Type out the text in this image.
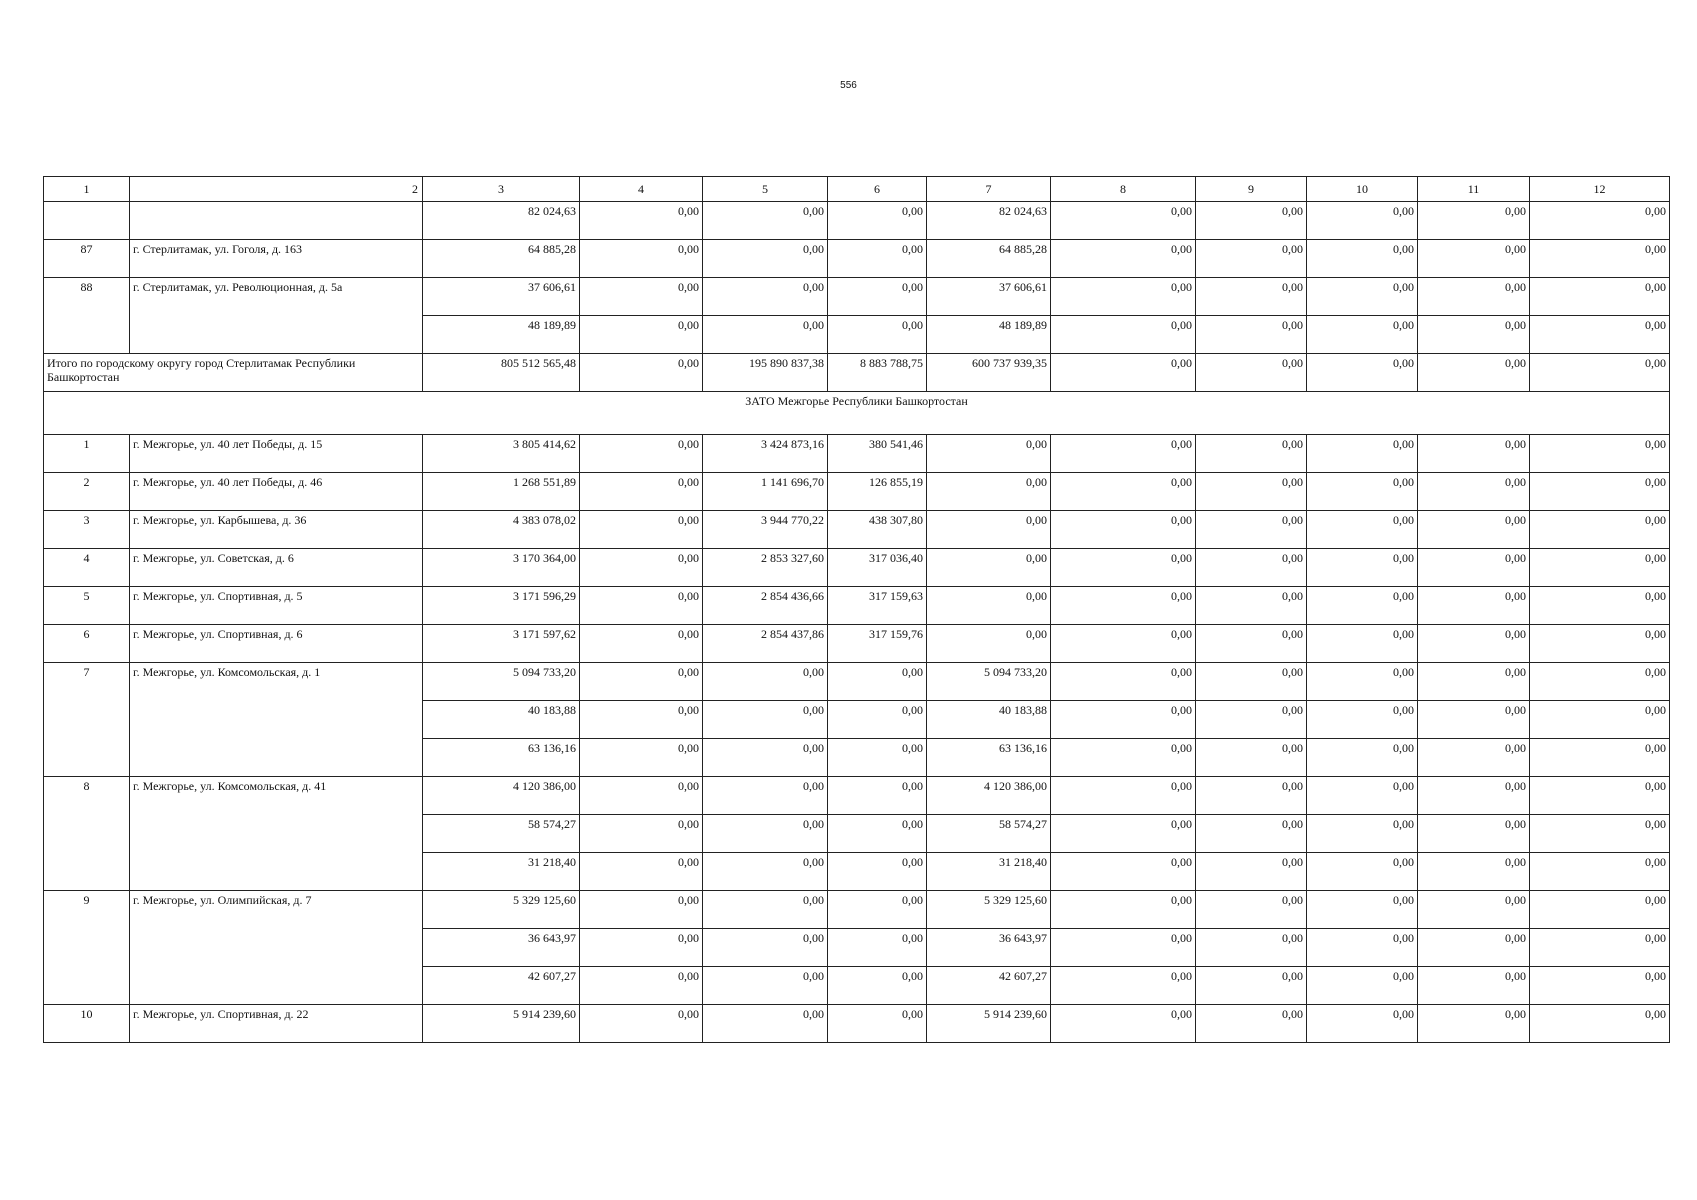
556
1	2	3	4	5	6	7	8	9	10	11	12
		82 024,63	0,00	0,00	0,00	82 024,63	0,00	0,00	0,00	0,00	0,00
87	г. Стерлитамак, ул. Гоголя, д. 163	64 885,28	0,00	0,00	0,00	64 885,28	0,00	0,00	0,00	0,00	0,00
88	г. Стерлитамак, ул. Революционная, д. 5а	37 606,61	0,00	0,00	0,00	37 606,61	0,00	0,00	0,00	0,00	0,00
		48 189,89	0,00	0,00	0,00	48 189,89	0,00	0,00	0,00	0,00	0,00
Итого по городскому округу город Стерлитамак Республики Башкортостан		805 512 565,48	0,00	195 890 837,38	8 883 788,75	600 737 939,35	0,00	0,00	0,00	0,00	0,00
ЗАТО Межгорье Республики Башкортостан											
1	г. Межгорье, ул. 40 лет Победы, д. 15	3 805 414,62	0,00	3 424 873,16	380 541,46	0,00	0,00	0,00	0,00	0,00	0,00
2	г. Межгорье, ул. 40 лет Победы, д. 46	1 268 551,89	0,00	1 141 696,70	126 855,19	0,00	0,00	0,00	0,00	0,00	0,00
3	г. Межгорье, ул. Карбышева, д. 36	4 383 078,02	0,00	3 944 770,22	438 307,80	0,00	0,00	0,00	0,00	0,00	0,00
4	г. Межгорье, ул. Советская, д. 6	3 170 364,00	0,00	2 853 327,60	317 036,40	0,00	0,00	0,00	0,00	0,00	0,00
5	г. Межгорье, ул. Спортивная, д. 5	3 171 596,29	0,00	2 854 436,66	317 159,63	0,00	0,00	0,00	0,00	0,00	0,00
6	г. Межгорье, ул. Спортивная, д. 6	3 171 597,62	0,00	2 854 437,86	317 159,76	0,00	0,00	0,00	0,00	0,00	0,00
7	г. Межгорье, ул. Комсомольская, д. 1	5 094 733,20	0,00	0,00	0,00	5 094 733,20	0,00	0,00	0,00	0,00	0,00
		40 183,88	0,00	0,00	0,00	40 183,88	0,00	0,00	0,00	0,00	0,00
		63 136,16	0,00	0,00	0,00	63 136,16	0,00	0,00	0,00	0,00	0,00
8	г. Межгорье, ул. Комсомольская, д. 41	4 120 386,00	0,00	0,00	0,00	4 120 386,00	0,00	0,00	0,00	0,00	0,00
		58 574,27	0,00	0,00	0,00	58 574,27	0,00	0,00	0,00	0,00	0,00
		31 218,40	0,00	0,00	0,00	31 218,40	0,00	0,00	0,00	0,00	0,00
9	г. Межгорье, ул. Олимпийская, д. 7	5 329 125,60	0,00	0,00	0,00	5 329 125,60	0,00	0,00	0,00	0,00	0,00
		36 643,97	0,00	0,00	0,00	36 643,97	0,00	0,00	0,00	0,00	0,00
		42 607,27	0,00	0,00	0,00	42 607,27	0,00	0,00	0,00	0,00	0,00
10	г. Межгорье, ул. Спортивная, д. 22	5 914 239,60	0,00	0,00	0,00	5 914 239,60	0,00	0,00	0,00	0,00	0,00
